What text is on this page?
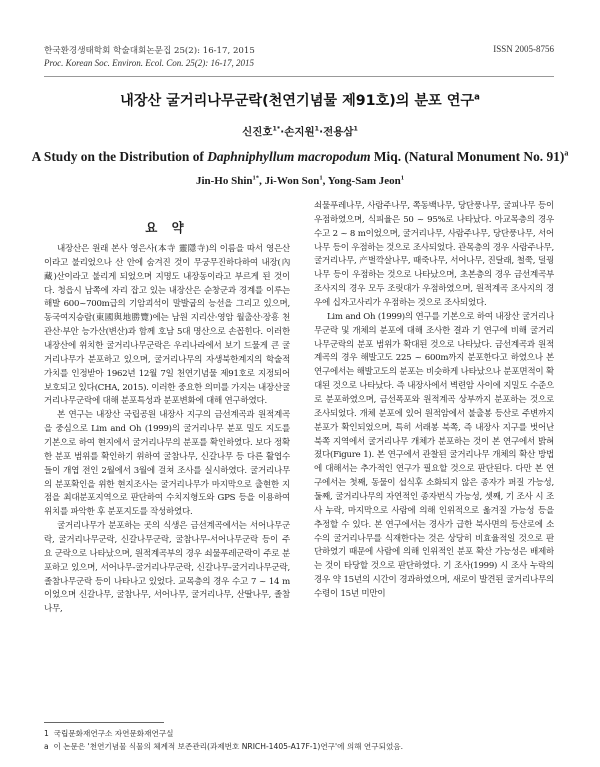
한국환경생태학회 학술대회논문집 25(2): 16-17, 2015
Proc. Korean Soc. Environ. Ecol. Con. 25(2): 16-17, 2015
ISSN 2005-8756
내장산 굴거리나무군락(천연기념물 제91호)의 분포 연구$^a$
신진호$^{1*}$·손지원$^1$·전용삼$^1$
A Study on the Distribution of Daphniphyllum macropodum Miq. (Natural Monument No. 91)$^a$
Jin-Ho Shin$^{1*}$, Ji-Won Son$^1$, Yong-Sam Jeon$^1$
요 약

내장산은 원래 본사 영은사(本寺 靈隱寺)의 이름을 따서 영은산이라고 불리었으나 산 안에 숨겨진 것이 무궁무진하다하여 내장(內藏)산이라고 불리게 되었으며 지명도 내장동이라고 부르게 된 것이다. 청읍시 남쪽에 자리 잡고 있는 내장산은 순창군과 경계를 이루는 해발 600~700m급의 기암괴석이 말발굽의 능선을 그리고 있으며, 동국여지승람(東國與地勝覽)에는 남원 지리산·영암 월출산·장흥 천관산·부안 능가산(변산)과 함께 호남 5대 명산으로 손꼽힌다. 이러한 내장산에 위치한 굴거리나무군락은 우리나라에서 보기 드물게 큰 굴거리나무가 분포하고 있으며, 굴거리나무의 자생북한계지의 학술적 가치를 인정받아 1962년 12월 7일 천연기념물 제91호로 지정되어 보호되고 있다(CHA, 2015). 이러한 중요한 의미를 가지는 내장산굴거리나무군락에 대해 분포특성과 분포변화에 대해 연구하였다.

본 연구는 내장산 국립공원 내장사 지구의 금선계곡과 원적계곡을 중심으로 Lim and Oh (1999)의 굴거리나무 분포 밀도 지도를 기본으로 하여 현지에서 굴거리나무의 분포를 확인하였다. 보다 정확한 분포 범위를 확인하기 위하여 굴참나무, 신갈나무 등 다른 활엽수들이 개엽 전인 2월에서 3월에 걸쳐 조사를 실시하였다. 굴거리나무의 분포확인을 위한 현지조사는 굴거리나무가 마지막으로 출현한 지점을 최대분포지역으로 판단하여 수치지형도와 GPS 등을 이용하여 위치를 파악한 후 분포지도를 작성하였다.

굴거리나무가 분포하는 곳의 식생은 금선계곡에서는 서어나무군락, 굴거리나무군락, 신갈나무군락, 굴참나무-서어나무군락 등이 주요 군락으로 나타났으며, 원적계곡부의 경우 쇠물푸레군락이 주로 분포하고 있으며, 서어나무-굴거리나무군락, 신갈나무-굴거리나무군락, 졸참나무군락 등이 나타나고 있었다. 교목층의 경우 수고 7 ~ 14 m이었으며 신갈나무, 굴참나무, 서어나무, 굴거리나무, 산딸나무, 졸참나무,

쇠물푸레나무, 사람주나무, 쪽동백나무, 당단풍나무, 굴피나무 등이 우점하였으며, 식피율은 50 ~ 95%로 나타났다. 아교목층의 경우 수고 2 ~ 8 m이었으며, 굴거리나무, 사람주나무, 당단풍나무, 서어나무 등이 우점하는 것으로 조사되었다. 관목층의 경우 사람주나무, 굴거리나무, 产벌깍살나무, 때죽나무, 서어나무, 진달래, 철쭉, 덜꿩나무 등이 우점하는 것으로 나타났으며, 초본층의 경우 금선계곡부 조사지의 경우 모두 조릿대가 우점하였으며, 원적계곡 조사지의 경우에 십자고사리가 우점하는 것으로 조사되었다.

Lim and Oh (1999)의 연구를 기본으로 하여 내장산 굴거리나무군락 및 개체의 분포에 대해 조사한 결과 기 연구에 비해 굴거리나무군락의 분포 범위가 확대된 것으로 나타났다. 금선계곡과 원적계곡의 경우 해발고도 225 ~ 600m까지 분포한다고 하였으나 본 연구에서는 해발고도의 분포는 비슷하게 나타났으나 분포면적이 확대된 것으로 나타났다. 즉 내장사에서 벽련암 사이에 지밀도 수준으로 분포하였으며, 금선폭포와 원적계곡 상부까지 분포하는 것으로 조사되었다. 개체 분포에 있어 원적암에서 불출봉 등산로 주변까지 분포가 확인되었으며, 특히 서래봉 북쪽, 즉 내장사 지구를 벗어난 북쪽 지역에서 굴거리나무 개체가 분포하는 것이 본 연구에서 밝혀졌다(Figure 1). 본 연구에서 관찰된 굴거리나무 개체의 확산 방법에 대해서는 추가적인 연구가 필요할 것으로 판단된다. 다만 본 연구에서는 첫째, 동물이 섭식후 소화되지 않은 종자가 퍼질 가능성, 둘째, 굴거리나무의 자연적인 종자번식 가능성, 셋째, 기 조사 시 조사 누락, 마지막으로 사람에 의해 인위적으로 옮겨질 가능성 등을 추정할 수 있다. 본 연구에서는 경사가 급한 북사면의 등산로에 소수의 굴거리나무를 식재한다는 것은 상당히 비효율적일 것으로 판단하였기 때문에 사람에 의해 인위적인 분포 확산 가능성은 배제하는 것이 타당할 것으로 판단하였다. 기 조사(1999) 시 조사 누락의 경우 약 15년의 시간이 경과하였으며, 새로이 발견된 굴거리나무의 수령이 15년 미만이

1 국립문화재연구소 자연문화재연구실
a 이 논문은 '천연기념물 식물의 체계적 보존관리(과제번호 NRICH-1405-A17F-1)연구'에 의해 연구되었음.
